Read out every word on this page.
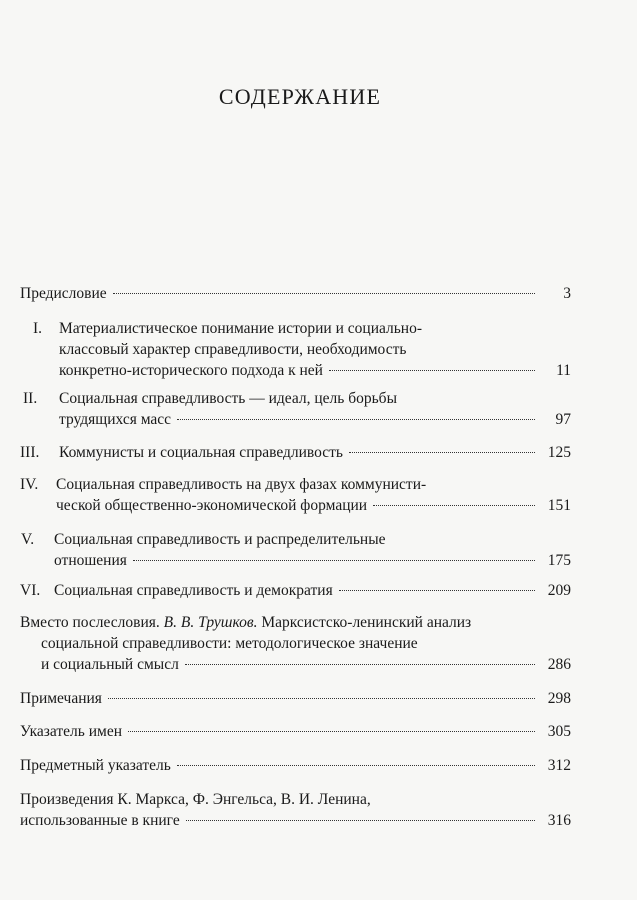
СОДЕРЖАНИЕ
Предисловие	3
I. Материалистическое понимание истории и социально-
классовый характер справедливости, необходимость
конкретно-исторического подхода к ней	11
II. Социальная справедливость — идеал, цель борьбы
трудящихся масс	97
III. Коммунисты и социальная справедливость	125
IV. Социальная справедливость на двух фазах коммунисти-
ческой общественно-экономической формации	151
V. Социальная справедливость и распределительные
отношения	175
VI. Социальная справедливость и демократия	209
Вместо послесловия. В. В. Трушков. Марксистско-ленинский анализ
социальной справедливости: методологическое значение
и социальный смысл	286
Примечания	298
Указатель имен	305
Предметный указатель	312
Произведения К. Маркса, Ф. Энгельса, В. И. Ленина,
использованные в книге	316
